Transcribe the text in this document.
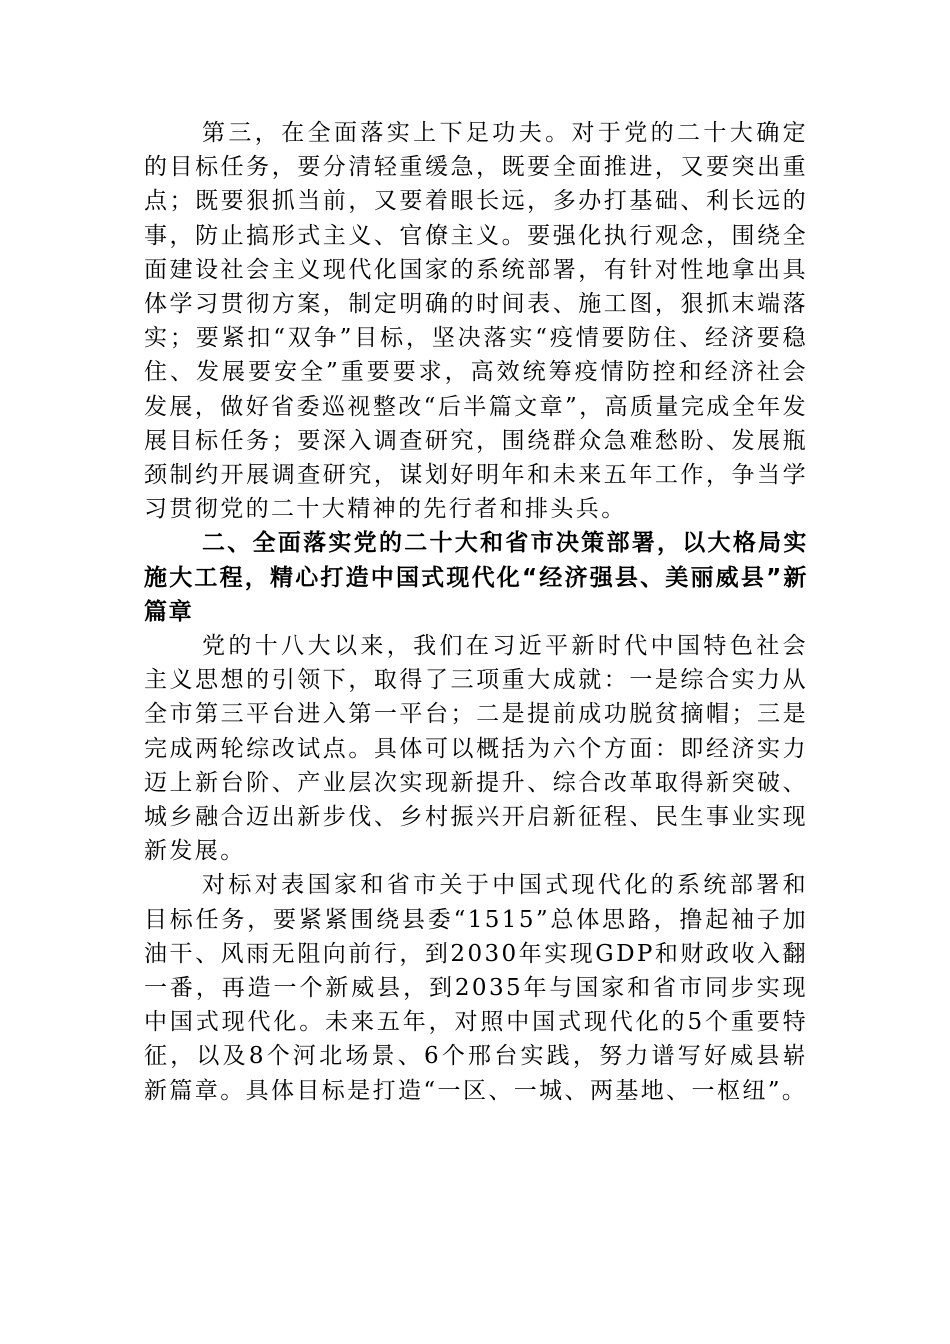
第三，在全面落实上下足功夫。对于党的二十大确定的目标任务，要分清轻重缓急，既要全面推进，又要突出重点；既要狠抓当前，又要着眼长远，多办打基础、利长远的事，防止搞形式主义、官僚主义。要强化执行观念，围绕全面建设社会主义现代化国家的系统部署，有针对性地拿出具体学习贯彻方案，制定明确的时间表、施工图，狠抓末端落实；要紧扣“双争”目标，坚决落实“疫情要防住、经济要稳住、发展要安全”重要要求，高效统筹疫情防控和经济社会发展，做好省委巡视整改“后半篇文章”，高质量完成全年发展目标任务；要深入调查研究，围绕群众急难愁盼、发展瓶颈制约开展调查研究，谋划好明年和未来五年工作，争当学习贯彻党的二十大精神的先行者和排头兵。

二、全面落实党的二十大和省市决策部署，以大格局实施大工程，精心打造中国式现代化“经济强县、美丽威县”新篇章

党的十八大以来，我们在习近平新时代中国特色社会主义思想的引领下，取得了三项重大成就：一是综合实力从全市第三平台进入第一平台；二是提前成功脱贫摘帽；三是完成两轮综改试点。具体可以概括为六个方面：即经济实力迈上新台阶、产业层次实现新提升、综合改革取得新突破、城乡融合迈出新步伐、乡村振兴开启新征程、民生事业实现新发展。

对标对表国家和省市关于中国式现代化的系统部署和目标任务，要紧紧围绕县委“1515”总体思路，撸起袖子加油干、风雨无阻向前行，到2030年实现GDP和财政收入翻一番，再造一个新威县，到2035年与国家和省市同步实现中国式现代化。未来五年，对照中国式现代化的5个重要特征，以及8个河北场景、6个邢台实践，努力谱写好威县崭新篇章。具体目标是打造“一区、一城、两基地、一枢纽”。
